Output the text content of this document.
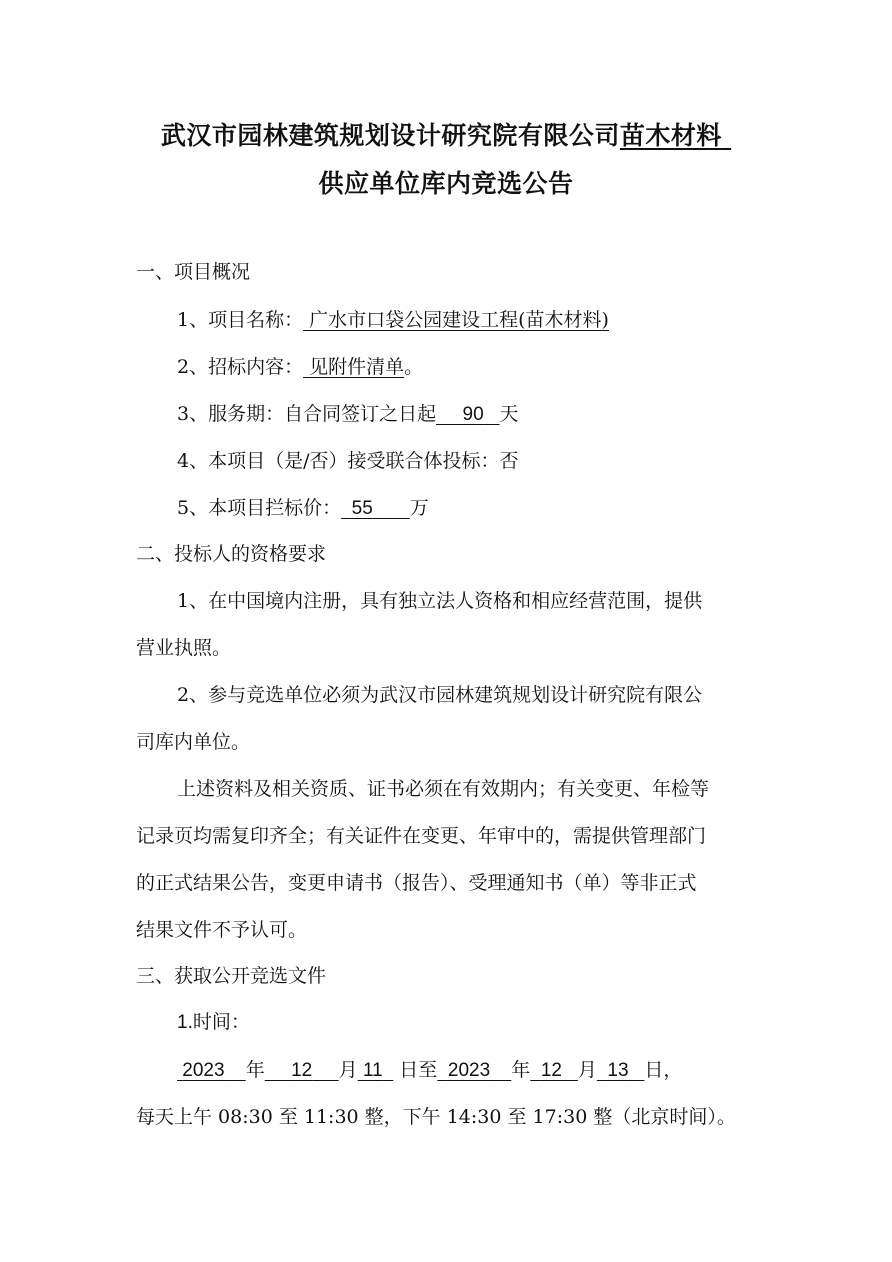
武汉市园林建筑规划设计研究院有限公司苗木材料
供应单位库内竞选公告
一、项目概况
1、项目名称： 广水市口袋公园建设工程(苗木材料)
2、招标内容： 见附件清单。
3、服务期：自合同签订之日起 90 天
4、本项目（是/否）接受联合体投标：否
5、本项目拦标价： 55 万
二、投标人的资格要求
1、在中国境内注册，具有独立法人资格和相应经营范围，提供
营业执照。
2、参与竞选单位必须为武汉市园林建筑规划设计研究院有限公
司库内单位。
上述资料及相关资质、证书必须在有效期内；有关变更、年检等
记录页均需复印齐全；有关证件在变更、年审中的，需提供管理部门
的正式结果公告，变更申请书（报告）、受理通知书（单）等非正式
结果文件不予认可。
三、获取公开竞选文件
1.时间：
2023 年 12 月 11 日至 2023 年 12 月 13 日，
每天上午 08:30 至 11:30 整，下午 14:30 至 17:30 整（北京时间）。
